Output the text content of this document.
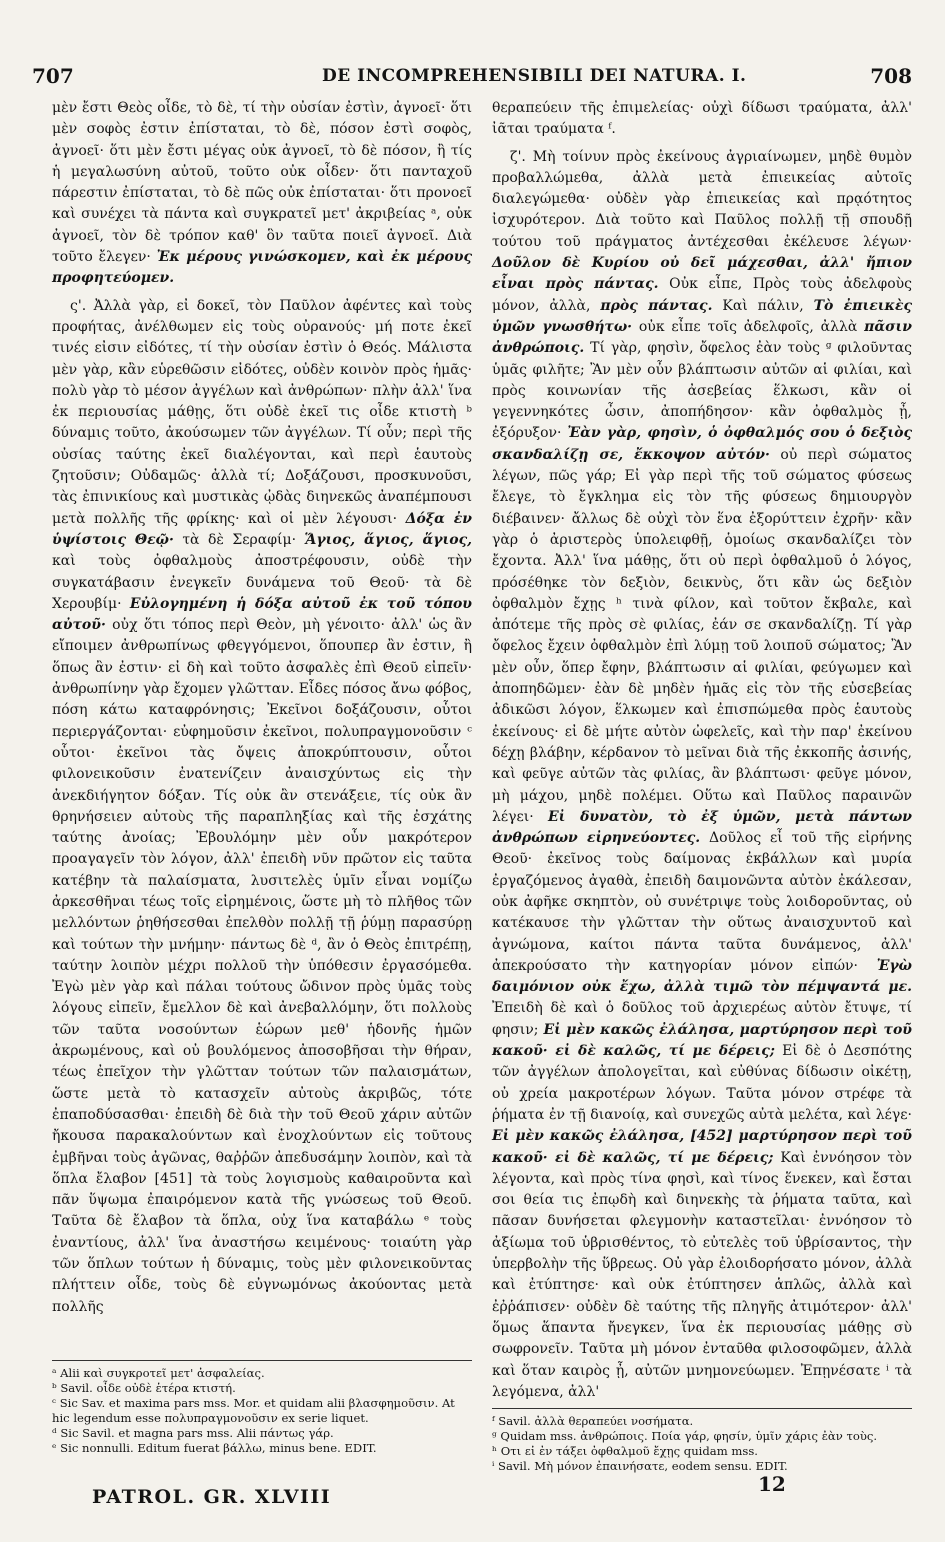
707	DE INCOMPREHENSIBILI DEI NATURA. I.	708

μὲν ἔστι Θεὸς οἶδε, τὸ δὲ, τί τὴν οὐσίαν ἐστὶν, ἀγνοεῖ· ὅτι μὲν σοφὸς ἐστιν ἐπίσταται, τὸ δὲ, πόσον ἐστὶ σοφὸς, ἀγνοεῖ· ὅτι μὲν ἔστι μέγας οὐκ ἀγνοεῖ, τὸ δὲ πόσον, ἢ τίς ἡ μεγαλωσύνη αὐτοῦ, τοῦτο οὐκ οἶδεν· ὅτι πανταχοῦ πάρεστιν ἐπίσταται, τὸ δὲ πῶς οὐκ ἐπίσταται· ὅτι προνοεῖ καὶ συνέχει τὰ πάντα καὶ συγκρατεῖ μετ' ἀκριβείας ᵃ, οὐκ ἀγνοεῖ, τὸν δὲ τρόπον καθ' ὃν ταῦτα ποιεῖ ἀγνοεῖ. Διὰ τοῦτο ἔλεγεν· Ἐκ μέρους γινώσκομεν, καὶ ἐκ μέρους προφητεύομεν.

ς'. Ἀλλὰ γὰρ, εἰ δοκεῖ, τὸν Παῦλον ἀφέντες καὶ τοὺς προφήτας, ἀνέλθωμεν εἰς τοὺς οὐρανούς· μή ποτε ἐκεῖ τινές εἰσιν εἰδότες, τί τὴν οὐσίαν ἐστὶν ὁ Θεός. Μάλιστα μὲν γὰρ, κἂν εὑρεθῶσιν εἰδότες, οὐδὲν κοινὸν πρὸς ἡμᾶς· πολὺ γὰρ τὸ μέσον ἀγγέλων καὶ ἀνθρώπων· πλὴν ἀλλ' ἵνα ἐκ περιουσίας μάθῃς, ὅτι οὐδὲ ἐκεῖ τις οἶδε κτιστὴ ᵇ δύναμις τοῦτο, ἀκούσωμεν τῶν ἀγγέλων. Τί οὖν; περὶ τῆς οὐσίας ταύτης ἐκεῖ διαλέγονται, καὶ περὶ ἑαυτοὺς ζητοῦσιν; Οὐδαμῶς· ἀλλὰ τί; Δοξάζουσι, προσκυνοῦσι, τὰς ἐπινικίους καὶ μυστικὰς ᾠδὰς διηνεκῶς ἀναπέμπουσι μετὰ πολλῆς τῆς φρίκης· καὶ οἱ μὲν λέγουσι· Δόξα ἐν ὑψίστοις Θεῷ· τὰ δὲ Σεραφίμ· Ἅγιος, ἅγιος, ἅγιος, καὶ τοὺς ὀφθαλμοὺς ἀποστρέφουσιν, οὐδὲ τὴν συγκατάβασιν ἐνεγκεῖν δυνάμενα τοῦ Θεοῦ· τὰ δὲ Χερουβίμ· Εὐλογημένη ἡ δόξα αὐτοῦ ἐκ τοῦ τόπου αὐτοῦ· οὐχ ὅτι τόπος περὶ Θεὸν, μὴ γένοιτο· ἀλλ' ὡς ἂν εἴποιμεν ἀνθρωπίνως φθεγγόμενοι, ὅπουπερ ἂν ἐστιν, ἢ ὅπως ἂν ἐστιν· εἰ δὴ καὶ τοῦτο ἀσφαλὲς ἐπὶ Θεοῦ εἰπεῖν· ἀνθρωπίνην γὰρ ἔχομεν γλῶτταν. Εἶδες πόσος ἄνω φόβος, πόση κάτω καταφρόνησις; Ἐκεῖνοι δοξάζουσιν, οὗτοι περιεργάζονται· εὐφημοῦσιν ἐκεῖνοι, πολυπραγμονοῦσιν ᶜ οὗτοι· ἐκεῖνοι τὰς ὄψεις ἀποκρύπτουσιν, οὗτοι φιλονεικοῦσιν ἐνατενίζειν ἀναισχύντως εἰς τὴν ἀνεκδιήγητον δόξαν. Τίς οὐκ ἂν στενάξειε, τίς οὐκ ἂν θρηνήσειεν αὐτοὺς τῆς παραπληξίας καὶ τῆς ἐσχάτης ταύτης ἀνοίας; Ἐβουλόμην μὲν οὖν μακρότερον προαγαγεῖν τὸν λόγον, ἀλλ' ἐπειδὴ νῦν πρῶτον εἰς ταῦτα κατέβην τὰ παλαίσματα, λυσιτελὲς ὑμῖν εἶναι νομίζω ἀρκεσθῆναι τέως τοῖς εἰρημένοις, ὥστε μὴ τὸ πλῆθος τῶν μελλόντων ῥηθήσεσθαι ἐπελθὸν πολλῇ τῇ ῥύμῃ παρασύρῃ καὶ τούτων τὴν μνήμην· πάντως δὲ ᵈ, ἂν ὁ Θεὸς ἐπιτρέπῃ, ταύτην λοιπὸν μέχρι πολλοῦ τὴν ὑπόθεσιν ἐργασόμεθα. Ἐγὼ μὲν γὰρ καὶ πάλαι τούτους ὤδινον πρὸς ὑμᾶς τοὺς λόγους εἰπεῖν, ἔμελλον δὲ καὶ ἀνεβαλλόμην, ὅτι πολλοὺς τῶν ταῦτα νοσούντων ἑώρων μεθ' ἡδονῆς ἡμῶν ἀκρωμένους, καὶ οὐ βουλόμενος ἀποσοβῆσαι τὴν θήραν, τέως ἐπεῖχον τὴν γλῶτταν τούτων τῶν παλαισμάτων, ὥστε μετὰ τὸ κατασχεῖν αὐτοὺς ἀκριβῶς, τότε ἐπαποδύσασθαι· ἐπειδὴ δὲ διὰ τὴν τοῦ Θεοῦ χάριν αὐτῶν ἤκουσα παρακαλούντων καὶ ἐνοχλούντων εἰς τοῦτους ἐμβῆναι τοὺς ἀγῶνας, θαῤῥῶν ἀπεδυσάμην λοιπὸν, καὶ τὰ ὅπλα ἔλαβον [451] τὰ τοὺς λογισμοὺς καθαιροῦντα καὶ πᾶν ὕψωμα ἐπαιρόμενον κατὰ τῆς γνώσεως τοῦ Θεοῦ. Ταῦτα δὲ ἔλαβον τὰ ὅπλα, οὐχ ἵνα καταβάλω ᵉ τοὺς ἐναντίους, ἀλλ' ἵνα ἀναστήσω κειμένους· τοιαύτη γὰρ τῶν ὅπλων τούτων ἡ δύναμις, τοὺς μὲν φιλονεικοῦντας πλήττειν οἶδε, τοὺς δὲ εὐγνωμόνως ἀκούοντας μετὰ πολλῆς

θεραπεύειν τῆς ἐπιμελείας· οὐχὶ δίδωσι τραύματα, ἀλλ' ἰᾶται τραύματα ᶠ.

ζ'. Μὴ τοίνυν πρὸς ἐκείνους ἀγριαίνωμεν, μηδὲ θυμὸν προβαλλώμεθα, ἀλλὰ μετὰ ἐπιεικείας αὐτοῖς διαλεγώμεθα· οὐδὲν γὰρ ἐπιεικείας καὶ πρᾳότητος ἰσχυρότερον. Διὰ τοῦτο καὶ Παῦλος πολλῇ τῇ σπουδῇ τούτου τοῦ πράγματος ἀντέχεσθαι ἐκέλευσε λέγων· Δοῦλον δὲ Κυρίου οὐ δεῖ μάχεσθαι, ἀλλ' ἤπιον εἶναι πρὸς πάντας. Οὐκ εἶπε, Πρὸς τοὺς ἀδελφοὺς μόνον, ἀλλὰ, πρὸς πάντας. Καὶ πάλιν, Τὸ ἐπιεικὲς ὑμῶν γνωσθήτω· οὐκ εἶπε τοῖς ἀδελφοῖς, ἀλλὰ πᾶσιν ἀνθρώποις. Τί γὰρ, φησὶν, ὄφελος ἐὰν τοὺς ᵍ φιλοῦντας ὑμᾶς φιλῆτε; Ἂν μὲν οὖν βλάπτωσιν αὐτῶν αἱ φιλίαι, καὶ πρὸς κοινωνίαν τῆς ἀσεβείας ἕλκωσι, κἂν οἱ γεγεννηκότες ὦσιν, ἀποπήδησον· κἂν ὀφθαλμὸς ᾖ, ἐξόρυξον· Ἐὰν γὰρ, φησὶν, ὁ ὀφθαλμός σου ὁ δεξιὸς σκανδαλίζῃ σε, ἔκκοψον αὐτόν· οὐ περὶ σώματος λέγων, πῶς γάρ; Εἰ γὰρ περὶ τῆς τοῦ σώματος φύσεως ἔλεγε, τὸ ἔγκλημα εἰς τὸν τῆς φύσεως δημιουργὸν διέβαινεν· ἄλλως δὲ οὐχὶ τὸν ἕνα ἐξορύττειν ἐχρῆν· κἂν γὰρ ὁ ἀριστερὸς ὑπολειφθῇ, ὁμοίως σκανδαλίζει τὸν ἔχοντα. Ἀλλ' ἵνα μάθῃς, ὅτι οὐ περὶ ὀφθαλμοῦ ὁ λόγος, πρόσέθηκε τὸν δεξιὸν, δεικνὺς, ὅτι κἂν ὡς δεξιὸν ὀφθαλμὸν ἔχῃς ʰ τινὰ φίλον, καὶ τοῦτον ἔκβαλε, καὶ ἀπότεμε τῆς πρὸς σὲ φιλίας, ἐάν σε σκανδαλίζῃ. Τί γὰρ ὄφελος ἔχειν ὀφθαλμὸν ἐπὶ λύμῃ τοῦ λοιποῦ σώματος; Ἂν μὲν οὖν, ὅπερ ἔφην, βλάπτωσιν αἱ φιλίαι, φεύγωμεν καὶ ἀποπηδῶμεν· ἐὰν δὲ μηδὲν ἡμᾶς εἰς τὸν τῆς εὐσεβείας ἀδικῶσι λόγον, ἕλκωμεν καὶ ἐπισπώμεθα πρὸς ἑαυτοὺς ἐκείνους· εἰ δὲ μήτε αὐτὸν ὠφελεῖς, καὶ τὴν παρ' ἐκείνου δέχῃ βλάβην, κέρδανον τὸ μεῖναι διὰ τῆς ἐκκοπῆς ἀσινής, καὶ φεῦγε αὐτῶν τὰς φιλίας, ἂν βλάπτωσι· φεῦγε μόνον, μὴ μάχου, μηδὲ πολέμει. Οὕτω καὶ Παῦλος παραινῶν λέγει· Εἰ δυνατὸν, τὸ ἐξ ὑμῶν, μετὰ πάντων ἀνθρώπων εἰρηνεύοντες. Δοῦλος εἶ τοῦ τῆς εἰρήνης Θεοῦ· ἐκεῖνος τοὺς δαίμονας ἐκβάλλων καὶ μυρία ἐργαζόμενος ἀγαθὰ, ἐπειδὴ δαιμονῶντα αὐτὸν ἐκάλεσαν, οὐκ ἀφῆκε σκηπτὸν, οὐ συνέτριψε τοὺς λοιδοροῦντας, οὐ κατέκαυσε τὴν γλῶτταν τὴν οὕτως ἀναισχυντοῦ καὶ ἀγνώμονα, καίτοι πάντα ταῦτα δυνάμενος, ἀλλ' ἀπεκρούσατο τὴν κατηγορίαν μόνον εἰπών· Ἐγὼ δαιμόνιον οὐκ ἔχω, ἀλλὰ τιμῶ τὸν πέμψαντά με. Ἐπειδὴ δὲ καὶ ὁ δοῦλος τοῦ ἀρχιερέως αὐτὸν ἔτυψε, τί φησιν; Εἰ μὲν κακῶς ἐλάλησα, μαρτύρησον περὶ τοῦ κακοῦ· εἰ δὲ καλῶς, τί με δέρεις; Εἰ δὲ ὁ Δεσπότης τῶν ἀγγέλων ἀπολογεῖται, καὶ εὐθύνας δίδωσιν οἰκέτῃ, οὐ χρεία μακροτέρων λόγων. Ταῦτα μόνον στρέφε τὰ ῥήματα ἐν τῇ διανοίᾳ, καὶ συνεχῶς αὐτὰ μελέτα, καὶ λέγε· Εἰ μὲν κακῶς ἐλάλησα, [452] μαρτύρησον περὶ τοῦ κακοῦ· εἰ δὲ καλῶς, τί με δέρεις; Καὶ ἐννόησον τὸν λέγοντα, καὶ πρὸς τίνα φησὶ, καὶ τίνος ἕνεκεν, καὶ ἔσται σοι θεία τις ἐπῳδὴ καὶ διηνεκὴς τὰ ῥήματα ταῦτα, καὶ πᾶσαν δυνήσεται φλεγμονὴν καταστεῖλαι· ἐννόησον τὸ ἀξίωμα τοῦ ὑβρισθέντος, τὸ εὐτελὲς τοῦ ὑβρίσαντος, τὴν ὑπερβολὴν τῆς ὕβρεως. Οὐ γὰρ ἐλοιδορήσατο μόνον, ἀλλὰ καὶ ἐτύπτησε· καὶ οὐκ ἐτύπτησεν ἁπλῶς, ἀλλὰ καὶ ἐῤῥάπισεν· οὐδὲν δὲ ταύτης τῆς πληγῆς ἀτιμότερον· ἀλλ' ὅμως ἅπαντα ἤνεγκεν, ἵνα ἐκ περιουσίας μάθῃς σὺ σωφρονεῖν. Ταῦτα μὴ μόνον ἐνταῦθα φιλοσοφῶμεν, ἀλλὰ καὶ ὅταν καιρὸς ᾖ, αὐτῶν μνημονεύωμεν. Ἐπῃνέσατε ⁱ τὰ λεγόμενα, ἀλλ'

ᵃ Alii καὶ συγκροτεῖ μετ' ἀσφαλείας.
ᵇ Savil. οἶδε οὐδὲ ἑτέρα κτιστή.
ᶜ Sic Sav. et maxima pars mss. Mor. et quidam alii βλασφημοῦσιν. At hic legendum esse πολυπραγμονοῦσιν ex serie liquet.
ᵈ Sic Savil. et magna pars mss. Alii πάντως γάρ.
ᵉ Sic nonnulli. Editum fuerat βάλλω, minus bene. EDIT.
ᶠ Savil. ἀλλὰ θεραπεύει νοσήματα.
ᵍ Quidam mss. ἀνθρώποις. Ποία γάρ, φησίν, ὑμῖν χάρις ἐὰν τοὺς.
ʰ Οτι εἰ ἐν τάξει ὀφθαλμοῦ ἔχῃς quidam mss.
ⁱ Savil. Μὴ μόνον ἐπαινήσατε, eodem sensu. EDIT.
PATROL. GR. XLVIII
12
